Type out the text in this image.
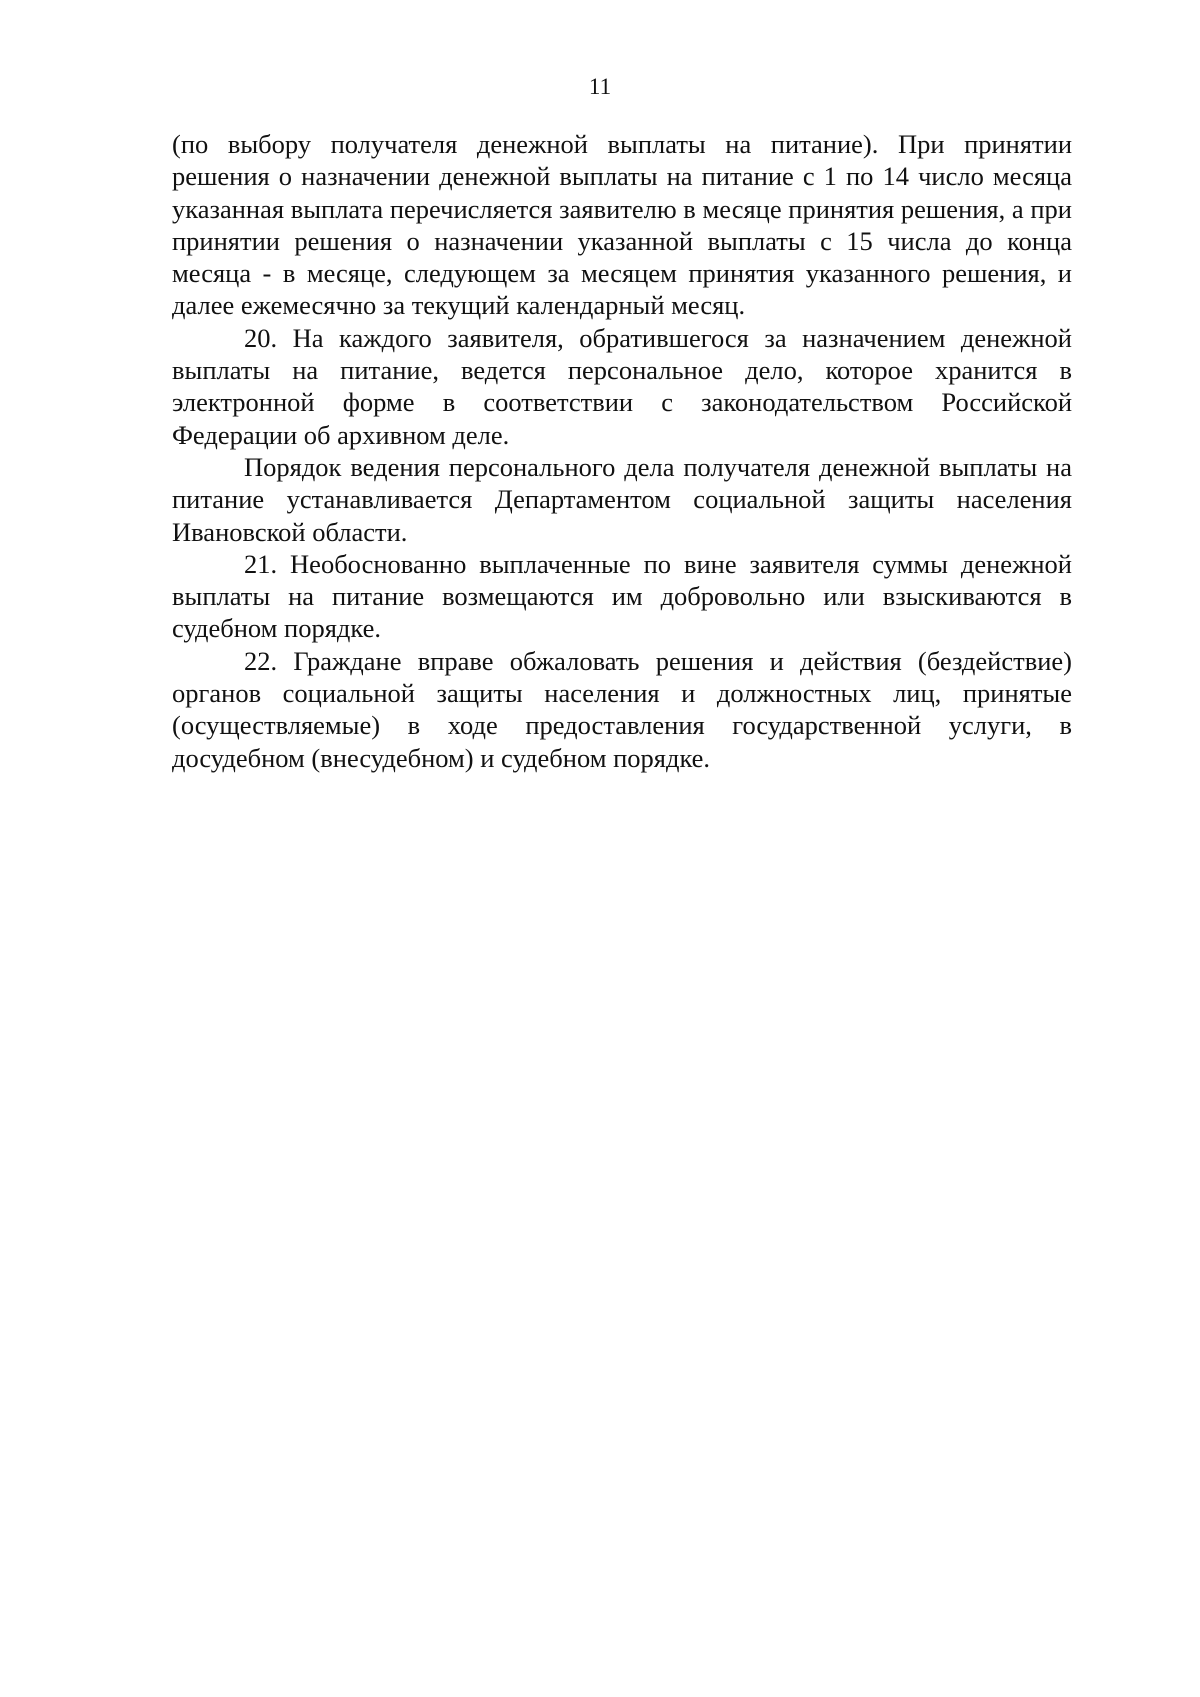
11

(по выбору получателя денежной выплаты на питание). При принятии решения о назначении денежной выплаты на питание с 1 по 14 число месяца указанная выплата перечисляется заявителю в месяце принятия решения, а при принятии решения о назначении указанной выплаты с 15 числа до конца месяца - в месяце, следующем за месяцем принятия указанного решения, и далее ежемесячно за текущий календарный месяц.

20. На каждого заявителя, обратившегося за назначением денежной выплаты на питание, ведется персональное дело, которое хранится в электронной форме в соответствии с законодательством Российской Федерации об архивном деле.

Порядок ведения персонального дела получателя денежной выплаты на питание устанавливается Департаментом социальной защиты населения Ивановской области.

21. Необоснованно выплаченные по вине заявителя суммы денежной выплаты на питание возмещаются им добровольно или взыскиваются в судебном порядке.

22. Граждане вправе обжаловать решения и действия (бездействие) органов социальной защиты населения и должностных лиц, принятые (осуществляемые) в ходе предоставления государственной услуги, в досудебном (внесудебном) и судебном порядке.
